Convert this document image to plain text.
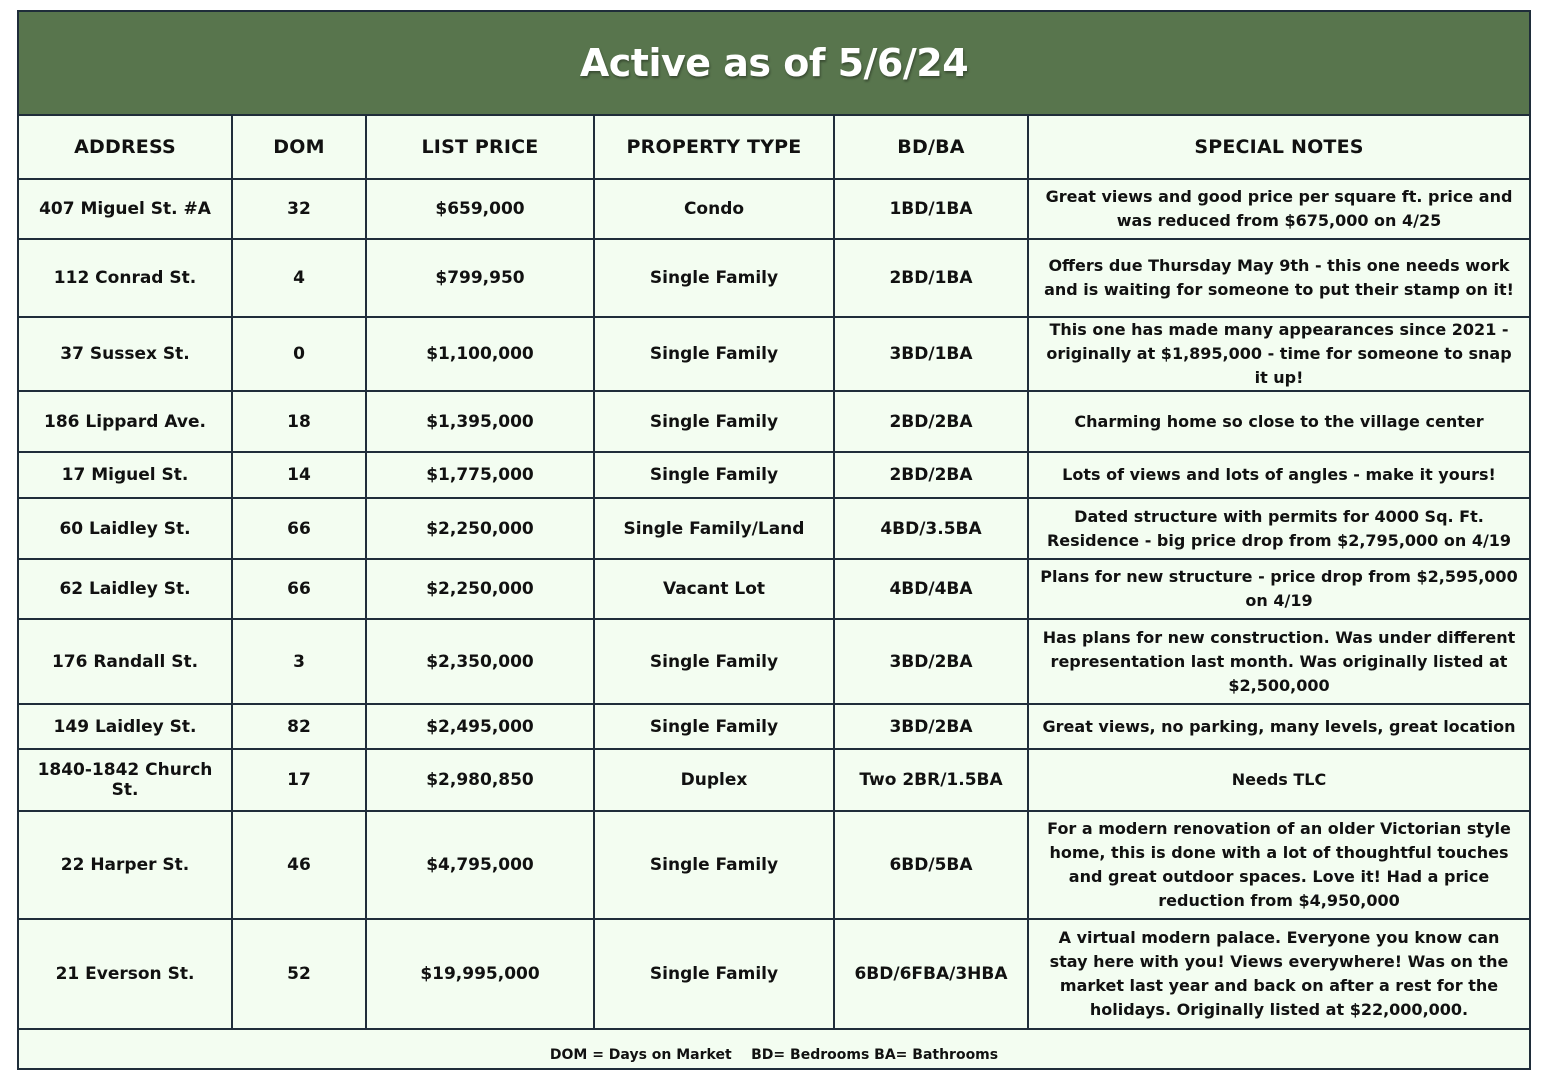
Active as of 5/6/24
ADDRESS	DOM	LIST PRICE	PROPERTY TYPE	BD/BA	SPECIAL NOTES
407 Miguel St. #A	32	$659,000	Condo	1BD/1BA	Great views and good price per square ft. price and was reduced from $675,000 on 4/25
112 Conrad St.	4	$799,950	Single Family	2BD/1BA	Offers due Thursday May 9th - this one needs work and is waiting for someone to put their stamp on it!
37 Sussex St.	0	$1,100,000	Single Family	3BD/1BA	This one has made many appearances since 2021 - originally at $1,895,000 - time for someone to snap it up!
186 Lippard Ave.	18	$1,395,000	Single Family	2BD/2BA	Charming home so close to the village center
17 Miguel St.	14	$1,775,000	Single Family	2BD/2BA	Lots of views and lots of angles - make it yours!
60 Laidley St.	66	$2,250,000	Single Family/Land	4BD/3.5BA	Dated structure with permits for 4000 Sq. Ft. Residence - big price drop from $2,795,000 on 4/19
62 Laidley St.	66	$2,250,000	Vacant Lot	4BD/4BA	Plans for new structure - price drop from $2,595,000 on 4/19
176 Randall St.	3	$2,350,000	Single Family	3BD/2BA	Has plans for new construction. Was under different representation last month. Was originally listed at $2,500,000
149 Laidley St.	82	$2,495,000	Single Family	3BD/2BA	Great views, no parking, many levels, great location
1840-1842 Church St.	17	$2,980,850	Duplex	Two 2BR/1.5BA	Needs TLC
22 Harper St.	46	$4,795,000	Single Family	6BD/5BA	For a modern renovation of an older Victorian style home, this is done with a lot of thoughtful touches and great outdoor spaces. Love it! Had a price reduction from $4,950,000
21 Everson St.	52	$19,995,000	Single Family	6BD/6FBA/3HBA	A virtual modern palace. Everyone you know can stay here with you! Views everywhere! Was on the market last year and back on after a rest for the holidays. Originally listed at $22,000,000.
DOM = Days on Market    BD= Bedrooms BA= Bathrooms
